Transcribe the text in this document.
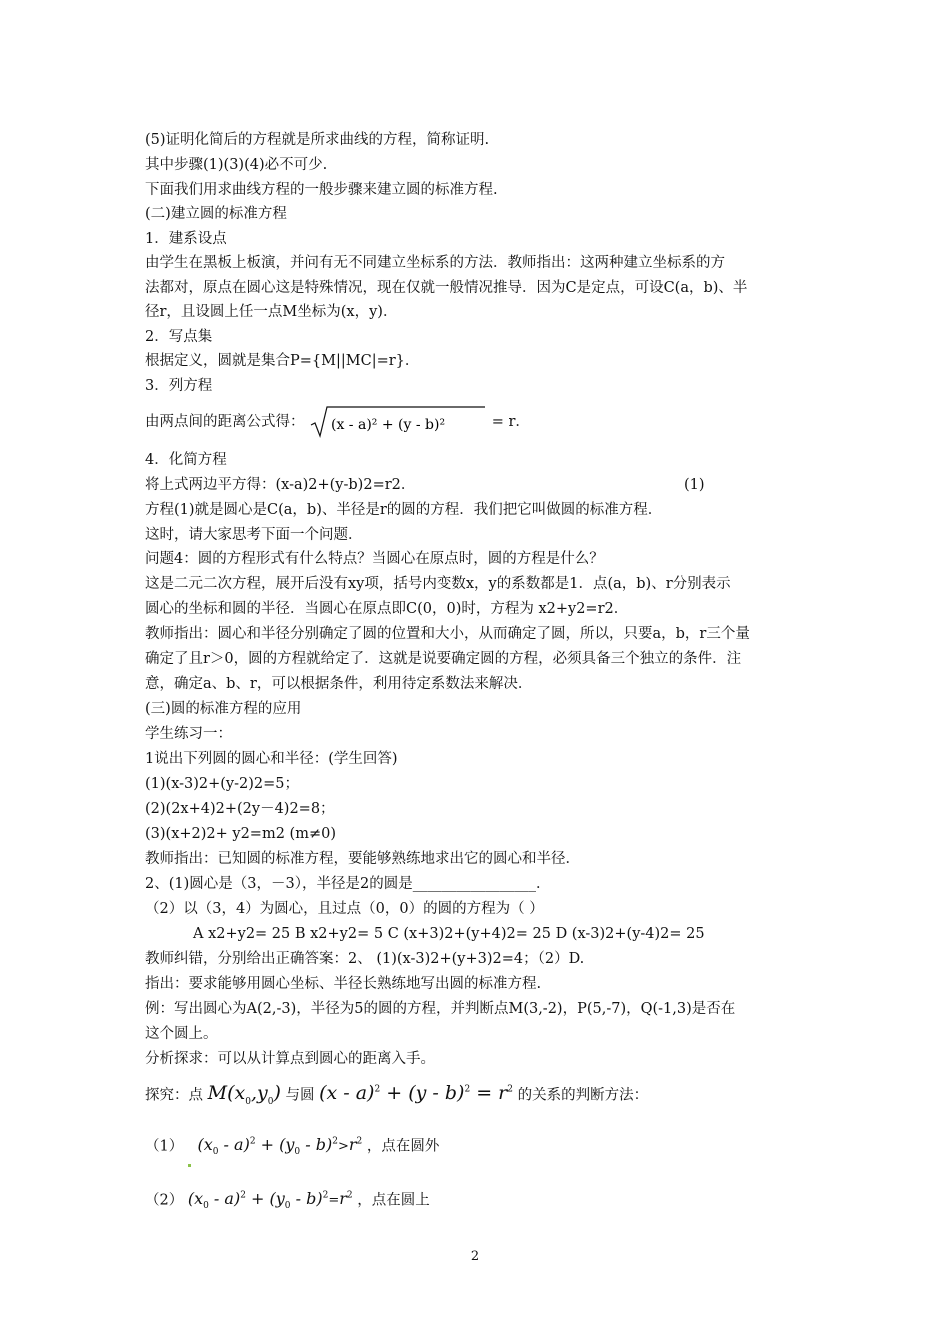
(5)证明化简后的方程就是所求曲线的方程，简称证明.
其中步骤(1)(3)(4)必不可少.
下面我们用求曲线方程的一般步骤来建立圆的标准方程.
(二)建立圆的标准方程
1．建系设点
由学生在黑板上板演，并问有无不同建立坐标系的方法．教师指出：这两种建立坐标系的方
法都对，原点在圆心这是特殊情况，现在仅就一般情况推导．因为C是定点，可设C(a，b)、半
径r，且设圆上任一点M坐标为(x，y)．
2．写点集
根据定义，圆就是集合P={M||MC|=r}．
3．列方程
由两点间的距离公式得： (x - a)² + (y - b)²	= r．
4．化简方程
将上式两边平方得：(x-a)2+(y-b)2=r2．	(1)
方程(1)就是圆心是C(a，b)、半径是r的圆的方程．我们把它叫做圆的标准方程．
这时，请大家思考下面一个问题．
问题4：圆的方程形式有什么特点？当圆心在原点时，圆的方程是什么？
这是二元二次方程，展开后没有xy项，括号内变数x，y的系数都是1．点(a，b)、r分别表示
圆心的坐标和圆的半径．当圆心在原点即C(0，0)时，方程为 x2+y2=r2．
教师指出：圆心和半径分别确定了圆的位置和大小，从而确定了圆，所以，只要a，b，r三个量
确定了且r＞0，圆的方程就给定了．这就是说要确定圆的方程，必须具备三个独立的条件．注
意，确定a、b、r，可以根据条件，利用待定系数法来解决．
(三)圆的标准方程的应用
学生练习一：
1说出下列圆的圆心和半径：(学生回答)
(1)(x-3)2+(y-2)2=5；
(2)(2x+4)2+(2y－4)2=8；
(3)(x+2)2+ y2=m2 (m≠0)
教师指出：已知圆的标准方程，要能够熟练地求出它的圆心和半径．
2、(1)圆心是（3，－3），半径是2的圆是_________________．
（2）以（3，4）为圆心，且过点（0，0）的圆的方程为（ ）
A x2+y2= 25 B x2+y2= 5 C (x+3)2+(y+4)2= 25 D (x-3)2+(y-4)2= 25
教师纠错，分别给出正确答案：2、 (1)(x-3)2+(y+3)2=4；（2）D.
指出：要求能够用圆心坐标、半径长熟练地写出圆的标准方程.
例：写出圆心为A(2,-3)，半径为5的圆的方程，并判断点M(3,-2)，P(5,-7)，Q(-1,3)是否在
这个圆上。
分析探求：可以从计算点到圆心的距离入手。
探究：点 $M(x_0,y_0)$ 与圆 $(x - a)^2 + (y - b)^2 = r^2$ 的关系的判断方法：
（1） $(x_0 - a)^2 + (y_0 - b)^2>r^2$ ，点在圆外
（2） $(x_0 - a)^2 + (y_0 - b)^2=r^2$ ，点在圆上
2
